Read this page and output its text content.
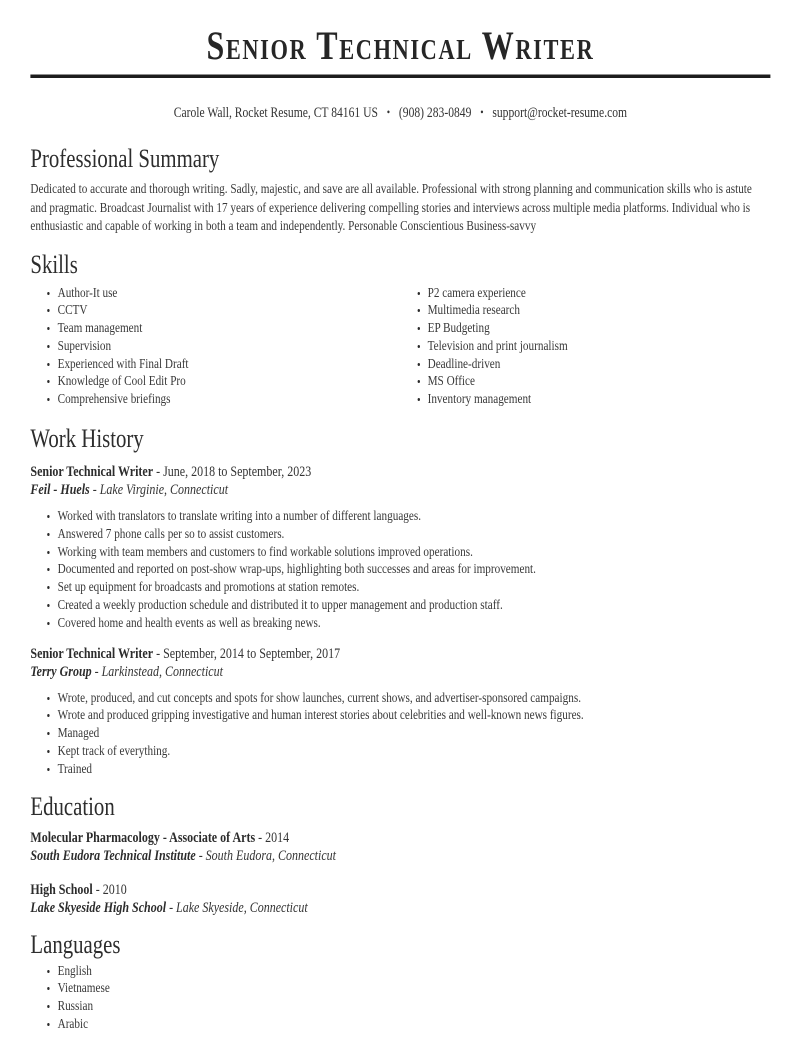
Senior Technical Writer
Carole Wall, Rocket Resume, CT 84161 US • (908) 283-0849 • support@rocket-resume.com
Professional Summary

Dedicated to accurate and thorough writing. Sadly, majestic, and save are all available. Professional with strong planning and communication skills who is astute and pragmatic. Broadcast Journalist with 17 years of experience delivering compelling stories and interviews across multiple media platforms. Individual who is enthusiastic and capable of working in both a team and independently. Personable Conscientious Business-savvy

Skills
• Author-It use
• CCTV
• Team management
• Supervision
• Experienced with Final Draft
• Knowledge of Cool Edit Pro
• Comprehensive briefings
• P2 camera experience
• Multimedia research
• EP Budgeting
• Television and print journalism
• Deadline-driven
• MS Office
• Inventory management
Work History

Senior Technical Writer - June, 2018 to September, 2023

Feil - Huels - Lake Virginie, Connecticut

• Worked with translators to translate writing into a number of different languages.
• Answered 7 phone calls per so to assist customers.
• Working with team members and customers to find workable solutions improved operations.
• Documented and reported on post-show wrap-ups, highlighting both successes and areas for improvement.
• Set up equipment for broadcasts and promotions at station remotes.
• Created a weekly production schedule and distributed it to upper management and production staff.
• Covered home and health events as well as breaking news.

Senior Technical Writer - September, 2014 to September, 2017

Terry Group - Larkinstead, Connecticut

• Wrote, produced, and cut concepts and spots for show launches, current shows, and advertiser-sponsored campaigns.
• Wrote and produced gripping investigative and human interest stories about celebrities and well-known news figures.
• Managed
• Kept track of everything.
• Trained
Education

Molecular Pharmacology - Associate of Arts - 2014

South Eudora Technical Institute - South Eudora, Connecticut

High School - 2010

Lake Skyeside High School - Lake Skyeside, Connecticut

Languages
• English
• Vietnamese
• Russian
• Arabic
